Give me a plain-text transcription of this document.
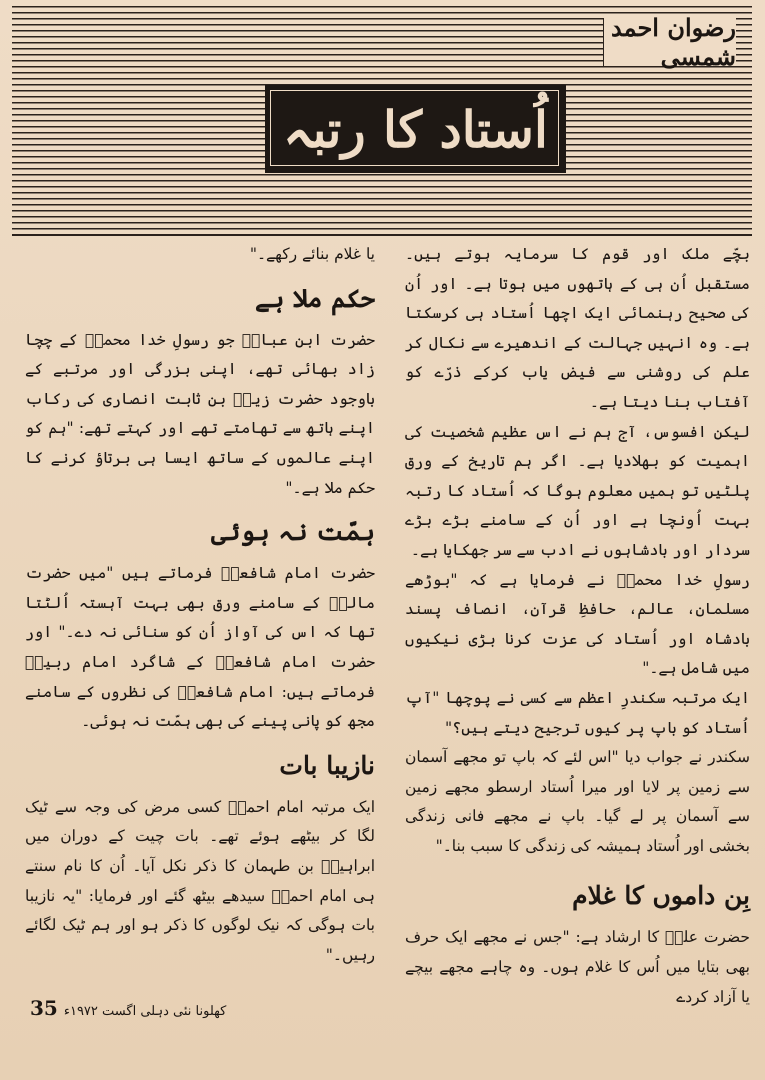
رضوان احمد شمسی
اُستاد کا رتبہ

بچّے ملک اور قوم کا سرمایہ ہوتے ہیں۔ مستقبل اُن ہی کے ہاتھوں میں ہوتا ہے۔ اور اُن کی صحیح رہنمائی ایک اچھا اُستاد ہی کرسکتا ہے۔ وہ انہیں جہالت کے اندھیرے سے نکال کر علم کی روشنی سے فیض یاب کرکے ذرّے کو آفتاب بنا دیتا ہے۔

لیکن افسوس، آج ہم نے اس عظیم شخصیت کی اہمیت کو بھلادیا ہے۔ اگر ہم تاریخ کے ورق پلٹیں تو ہمیں معلوم ہوگا کہ اُستاد کا رتبہ بہت اُونچا ہے اور اُن کے سامنے بڑے بڑے سردار اور بادشاہوں نے ادب سے سر جھکایا ہے۔

رسولِ خدا محمدؐ نے فرمایا ہے کہ "بوڑھے مسلمان، عالم، حافظِ قرآن، انصاف پسند بادشاہ اور اُستاد کی عزت کرنا بڑی نیکیوں میں شامل ہے۔"

ایک مرتبہ سکندرِ اعظم سے کسی نے پوچھا "آپ اُستاد کو باپ پر کیوں ترجیح دیتے ہیں؟"

سکندر نے جواب دیا "اس لئے کہ باپ تو مجھے آسمان سے زمین پر لایا اور میرا اُستاد ارسطو مجھے زمین سے آسمان پر لے گیا۔ باپ نے مجھے فانی زندگی بخشی اور اُستاد ہمیشہ کی زندگی کا سبب بنا۔"

بِن داموں کا غلام

حضرت علیؓ کا ارشاد ہے: "جس نے مجھے ایک حرف بھی بتایا میں اُس کا غلام ہوں۔ وہ چاہے مجھے بیچے یا آزاد کردے

یا غلام بنائے رکھے۔"

حکم ملا ہے

حضرت ابن عباسؓ جو رسولِ خدا محمدؐ کے چچا زاد بھائی تھے، اپنی بزرگی اور مرتبے کے باوجود حضرت زیدؓ بن ثابت انصاری کی رکاب اپنے ہاتھ سے تھامتے تھے اور کہتے تھے: "ہم کو اپنے عالموں کے ساتھ ایسا ہی برتاؤ کرنے کا حکم ملا ہے۔"

ہمّت نہ ہوئی

حضرت امام شافعیؒ فرماتے ہیں "میں حضرت مالکؒ کے سامنے ورق بھی بہت آہستہ اُلٹتا تھا کہ اس کی آواز اُن کو سنائی نہ دے۔" اور حضرت امام شافعیؒ کے شاگرد امام ربیعؒ فرماتے ہیں: امام شافعیؒ کی نظروں کے سامنے مجھ کو پانی پینے کی بھی ہمّت نہ ہوئی۔

نازیبا بات

ایک مرتبہ امام احمدؒ کسی مرض کی وجہ سے ٹیک لگا کر بیٹھے ہوئے تھے۔ بات چیت کے دوران میں ابراہیمؒ بن طہمان کا ذکر نکل آیا۔ اُن کا نام سنتے ہی امام احمدؒ سیدھے بیٹھ گئے اور فرمایا: "یہ نازیبا بات ہوگی کہ نیک لوگوں کا ذکر ہو اور ہم ٹیک لگائے رہیں۔"

کھلونا نئی دہلی اگست ۱۹۷۲ء
35
